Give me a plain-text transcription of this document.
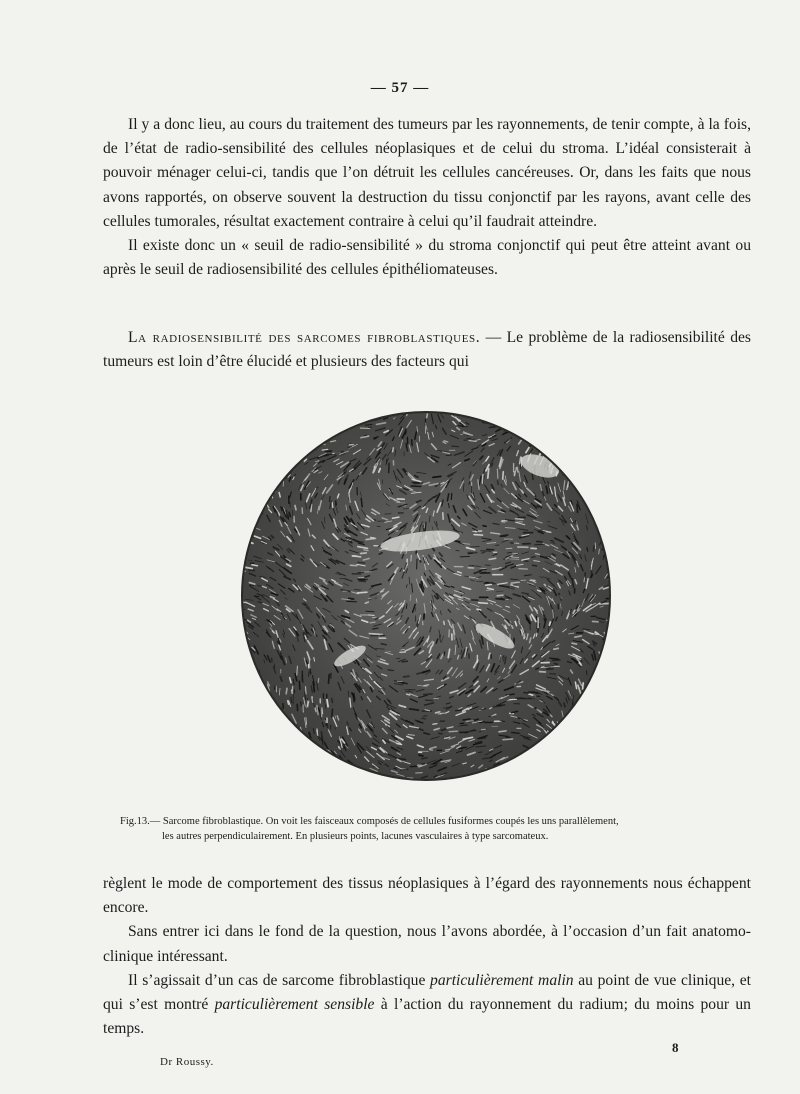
— 57 —

Il y a donc lieu, au cours du traitement des tumeurs par les rayonnements, de tenir compte, à la fois, de l’état de radio-sensibilité des cellules néoplasiques et de celui du stroma. L’idéal consisterait à pouvoir ménager celui-ci, tandis que l’on détruit les cellules cancéreuses. Or, dans les faits que nous avons rapportés, on observe souvent la destruction du tissu conjonctif par les rayons, avant celle des cellules tumorales, résultat exactement contraire à celui qu’il faudrait atteindre.

Il existe donc un « seuil de radio-sensibilité » du stroma conjonctif qui peut être atteint avant ou après le seuil de radiosensibilité des cellules épithéliomateuses.

La radiosensibilité des sarcomes fibroblastiques. — Le problème de la radiosensibilité des tumeurs est loin d’être élucidé et plusieurs des facteurs qui

Fig.13.— Sarcome fibroblastique. On voit les faisceaux composés de cellules fusiformes coupés les uns parallèlement,
les autres perpendiculairement. En plusieurs points, lacunes vasculaires à type sarcomateux.

règlent le mode de comportement des tissus néoplasiques à l’égard des rayonnements nous échappent encore.

Sans entrer ici dans le fond de la question, nous l’avons abordée, à l’occasion d’un fait anatomo-clinique intéressant.

Il s’agissait d’un cas de sarcome fibroblastique particulièrement malin au point de vue clinique, et qui s’est montré particulièrement sensible à l’action du rayonnement du radium; du moins pour un temps.

Dr Roussy.
8
